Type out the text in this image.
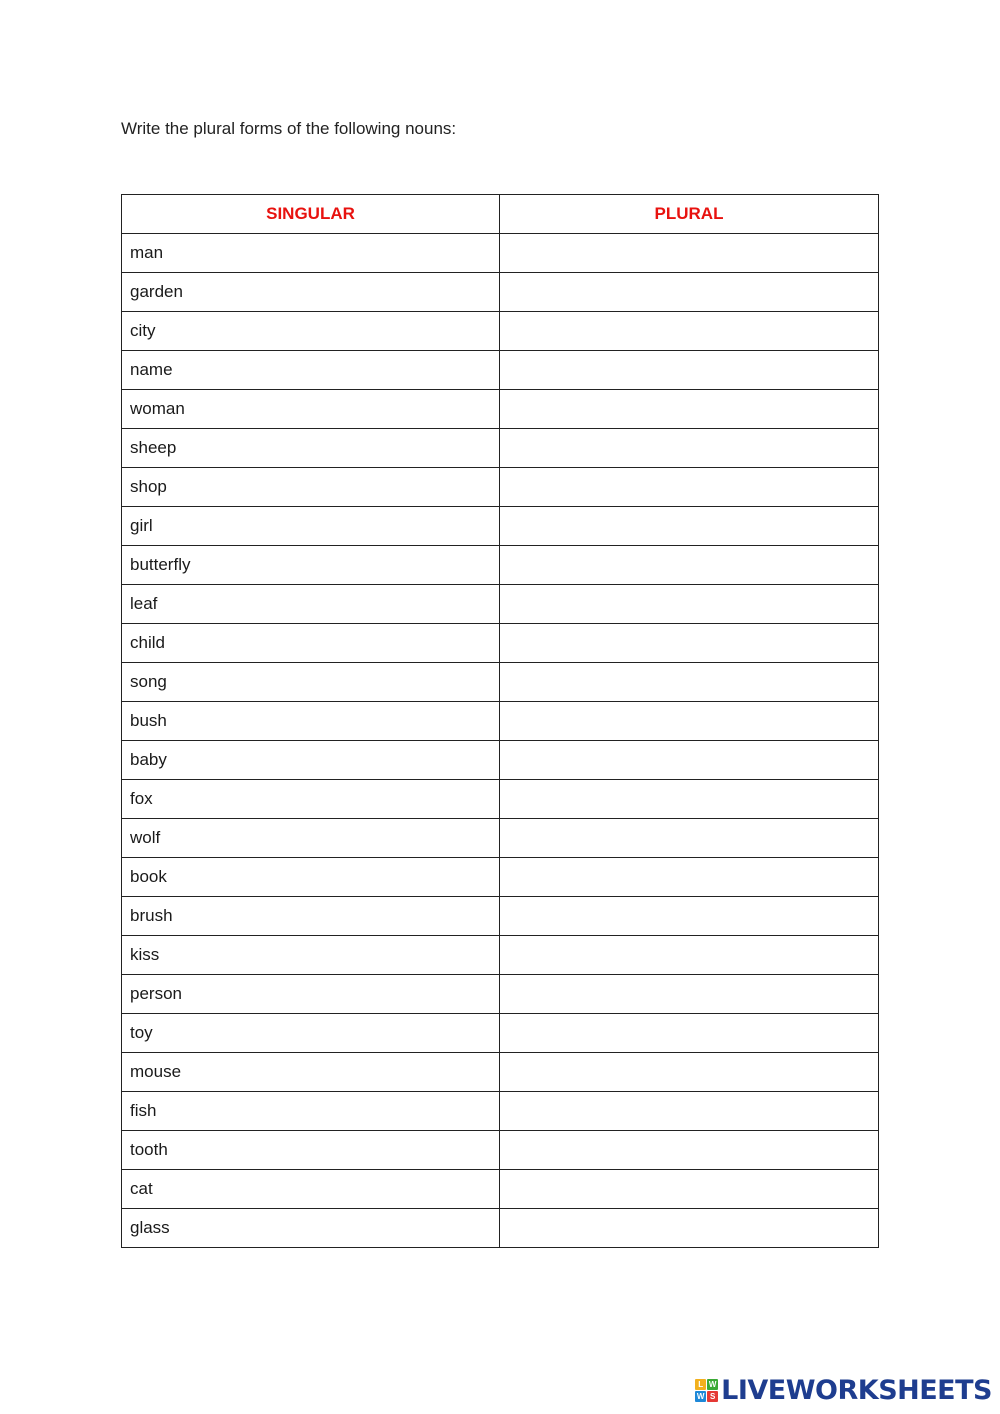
Write the plural forms of the following nouns:
SINGULAR	PLURAL
man	
garden	
city	
name	
woman	
sheep	
shop	
girl	
butterfly	
leaf	
child	
song	
bush	
baby	
fox	
wolf	
book	
brush	
kiss	
person	
toy	
mouse	
fish	
tooth	
cat	
glass	
L W
W S LIVEWORKSHEETS
